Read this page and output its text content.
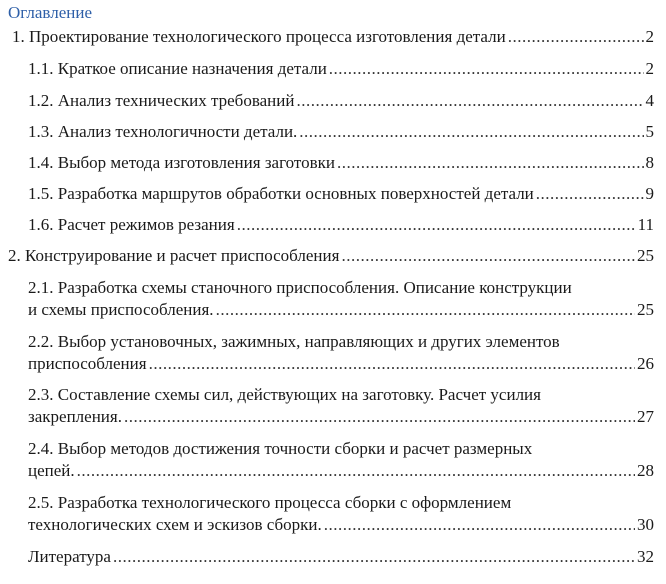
Оглавление
1. Проектирование технологического процесса изготовления детали .....	2
1.1. Краткое описание назначения детали .....	2
1.2. Анализ технических требований .....	4
1.3. Анализ технологичности детали. .....	5
1.4. Выбор метода изготовления заготовки .....	8
1.5. Разработка маршрутов обработки основных поверхностей детали .....	9
1.6. Расчет режимов резания .....	11
2. Конструирование и расчет приспособления .....	25
2.1. Разработка схемы станочного приспособления. Описание конструкции
и схемы приспособления. .....	25
2.2. Выбор установочных, зажимных, направляющих и других элементов
приспособления .....	26
2.3. Составление схемы сил, действующих на заготовку. Расчет усилия
закрепления. .....	27
2.4. Выбор методов достижения точности сборки и расчет размерных
цепей. .....	28
2.5. Разработка технологического процесса сборки с оформлением
технологических схем и эскизов сборки. .....	30
Литература .....	32
